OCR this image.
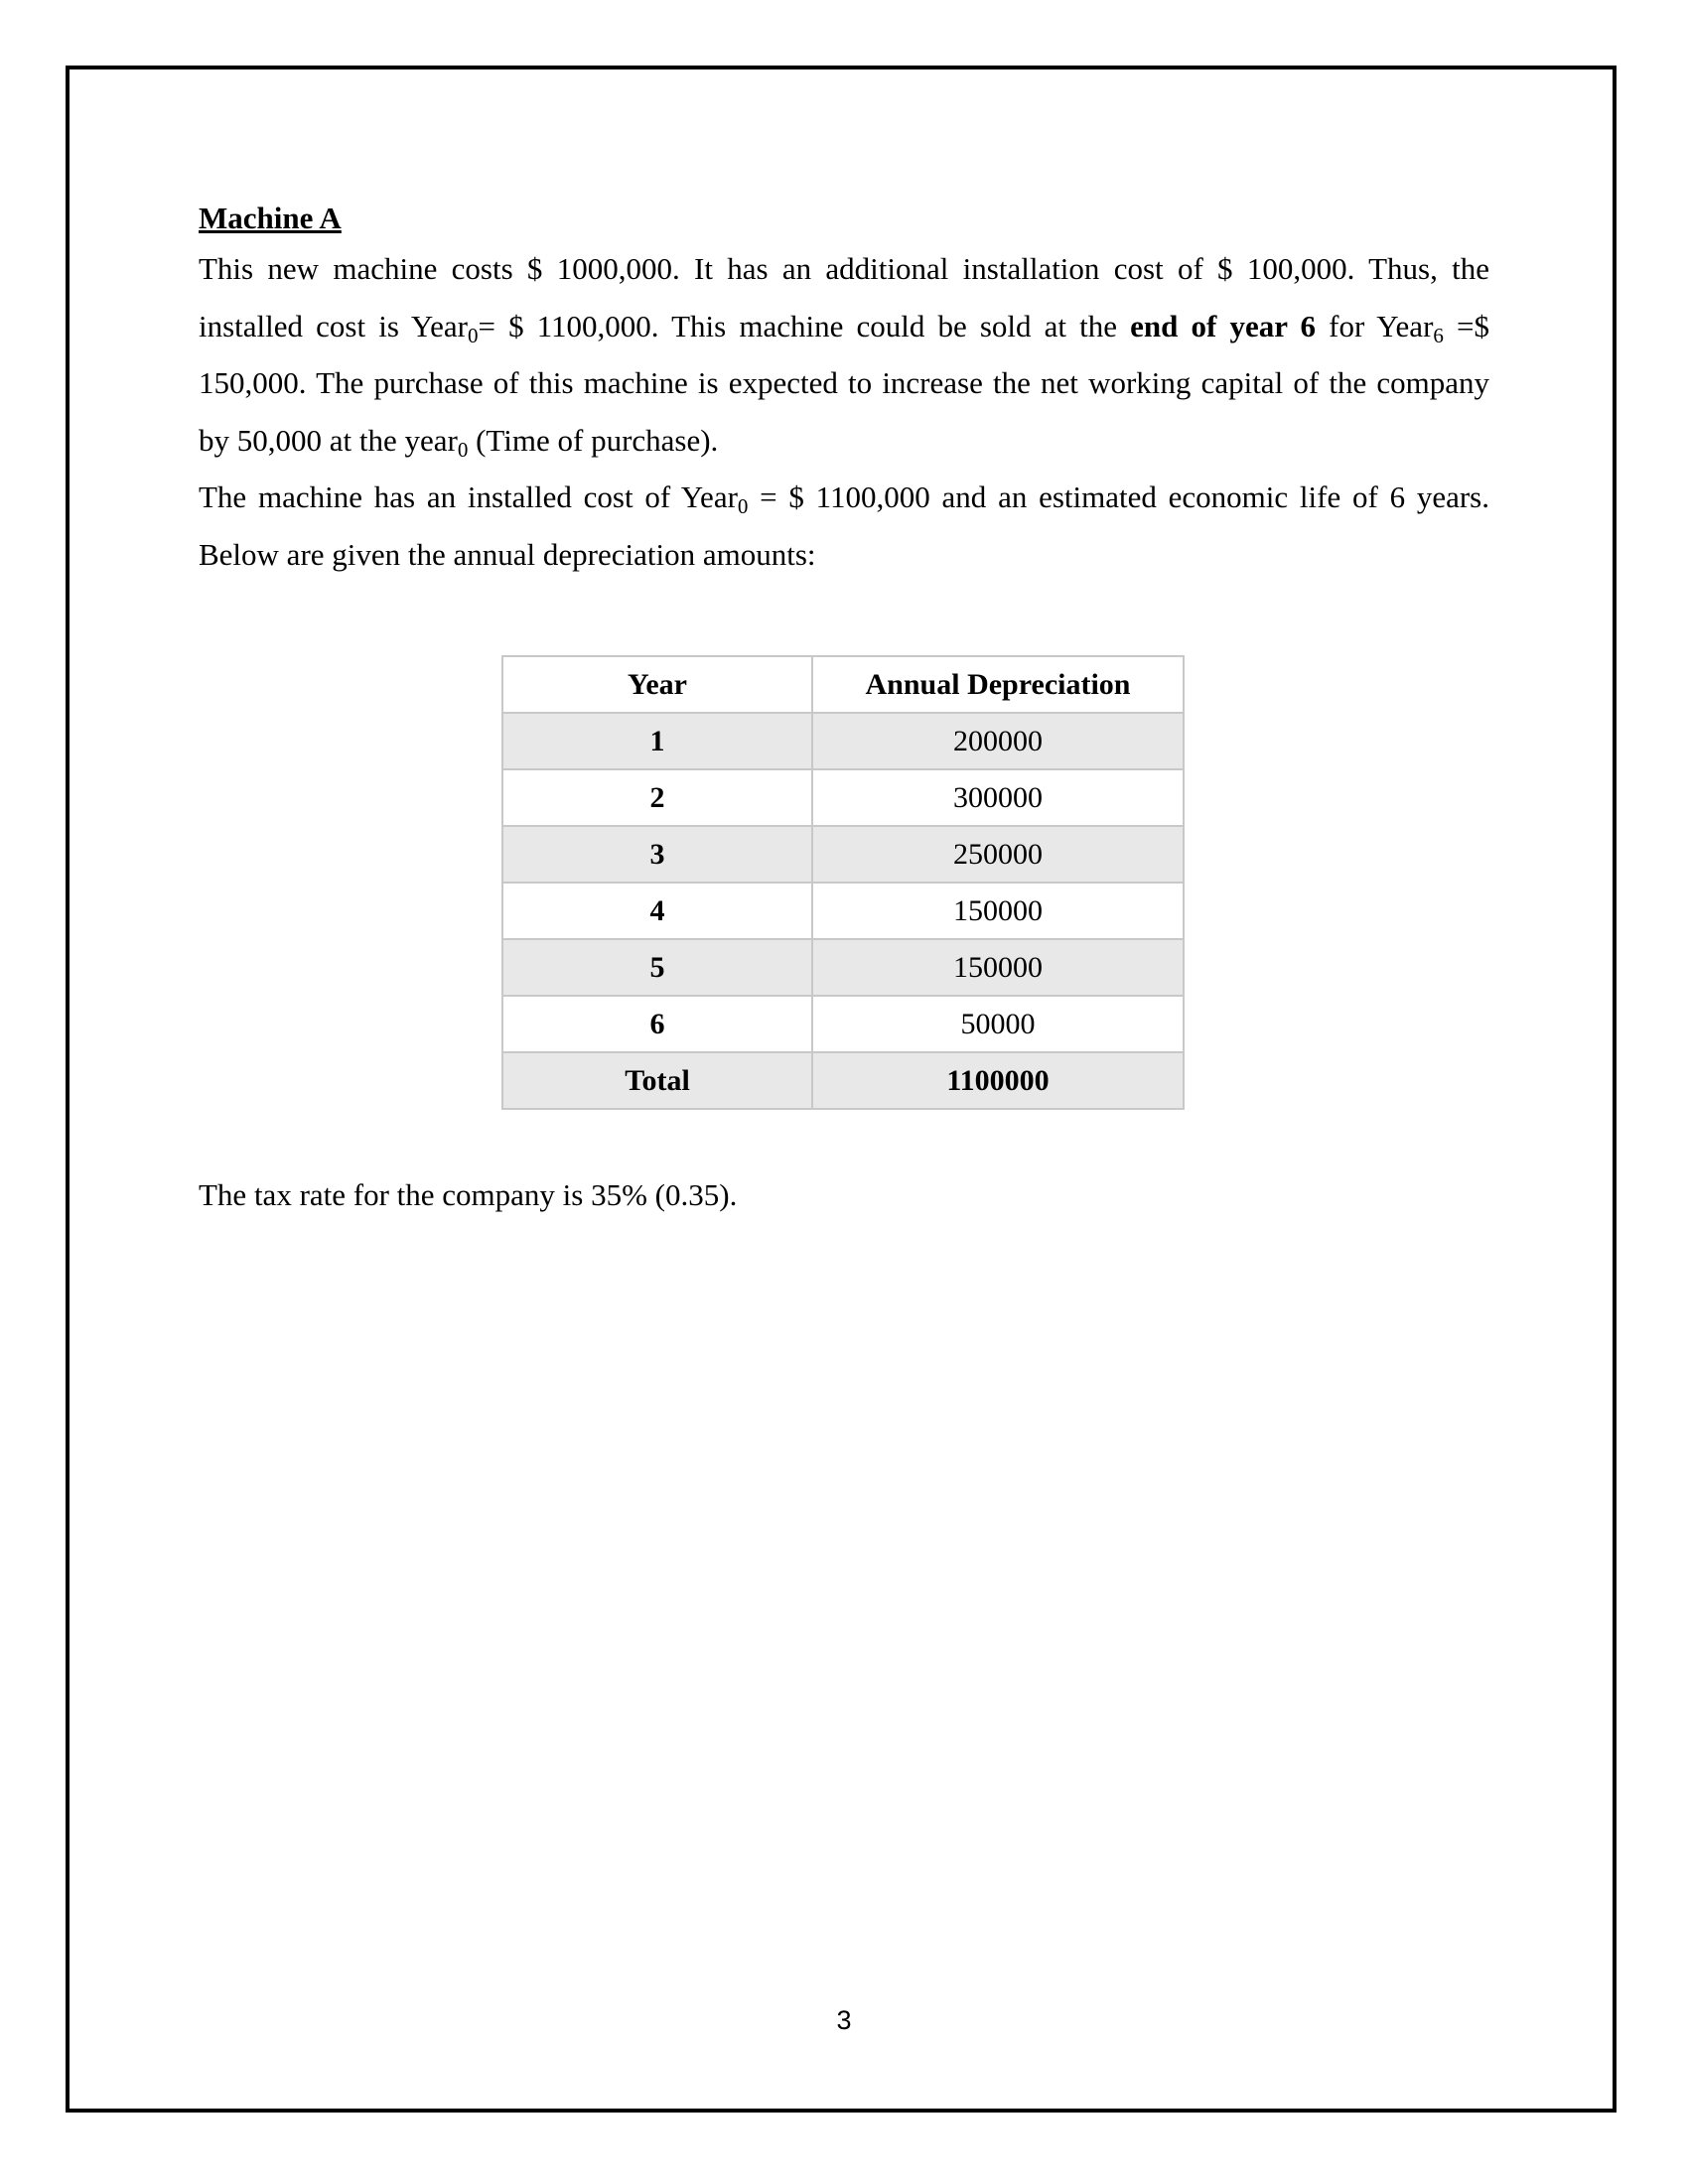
Machine A

This new machine costs $ 1000,000. It has an additional installation cost of $ 100,000. Thus, the installed cost is Year$_0$= $ 1100,000. This machine could be sold at the end of year 6 for Year$_6$ =$ 150,000. The purchase of this machine is expected to increase the net working capital of the company by 50,000 at the year$_0$ (Time of purchase).

The machine has an installed cost of Year$_0$ = $ 1100,000 and an estimated economic life of 6 years. Below are given the annual depreciation amounts:

Year	Annual Depreciation
1	200000
2	300000
3	250000
4	150000
5	150000
6	50000
Total	1100000

The tax rate for the company is 35% (0.35).

3
